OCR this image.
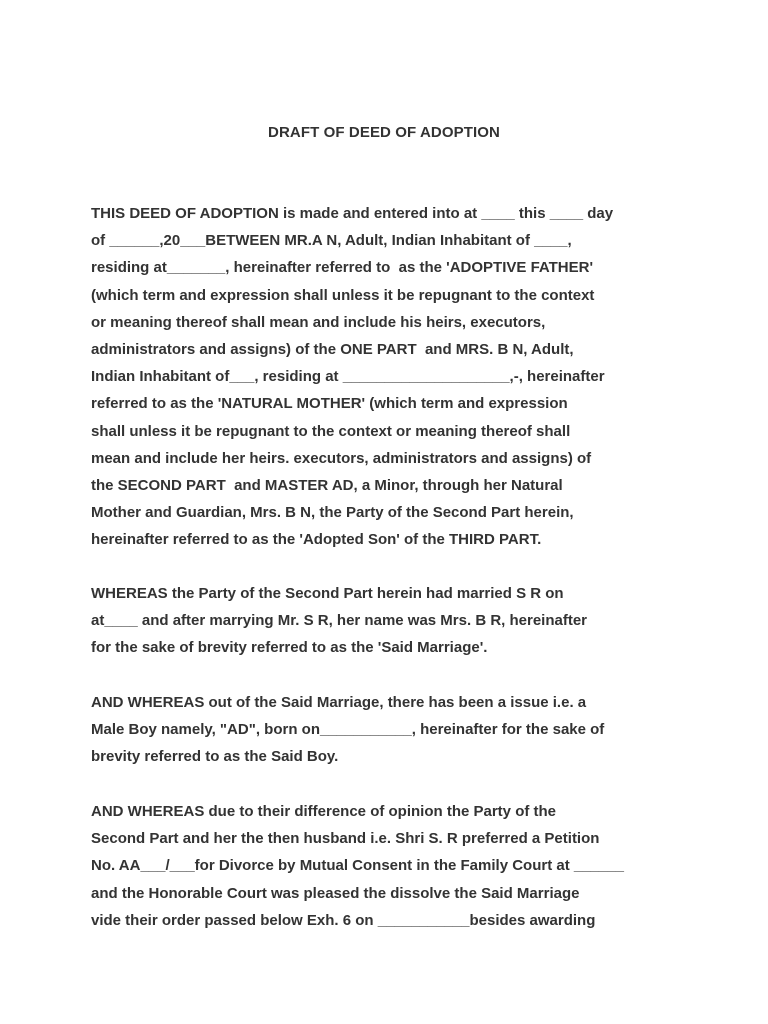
DRAFT OF DEED OF ADOPTION
THIS DEED OF ADOPTION is made and entered into at ____ this ____ day
of ______,20___BETWEEN MR.A N, Adult, Indian Inhabitant of ____,
residing at_______, hereinafter referred to  as the 'ADOPTIVE FATHER'
(which term and expression shall unless it be repugnant to the context
or meaning thereof shall mean and include his heirs, executors,
administrators and assigns) of the ONE PART  and MRS. B N, Adult,
Indian Inhabitant of___, residing at ____________________,-, hereinafter
referred to as the 'NATURAL MOTHER' (which term and expression
shall unless it be repugnant to the context or meaning thereof shall
mean and include her heirs. executors, administrators and assigns) of
the SECOND PART  and MASTER AD, a Minor, through her Natural
Mother and Guardian, Mrs. B N, the Party of the Second Part herein,
hereinafter referred to as the 'Adopted Son' of the THIRD PART.
WHEREAS the Party of the Second Part herein had married S R on
at____ and after marrying Mr. S R, her name was Mrs. B R, hereinafter
for the sake of brevity referred to as the 'Said Marriage'.
AND WHEREAS out of the Said Marriage, there has been a issue i.e. a
Male Boy namely, "AD", born on___________, hereinafter for the sake of
brevity referred to as the Said Boy.
AND WHEREAS due to their difference of opinion the Party of the
Second Part and her the then husband i.e. Shri S. R preferred a Petition
No. AA___/___for Divorce by Mutual Consent in the Family Court at ______
and the Honorable Court was pleased the dissolve the Said Marriage
vide their order passed below Exh. 6 on ___________besides awarding
